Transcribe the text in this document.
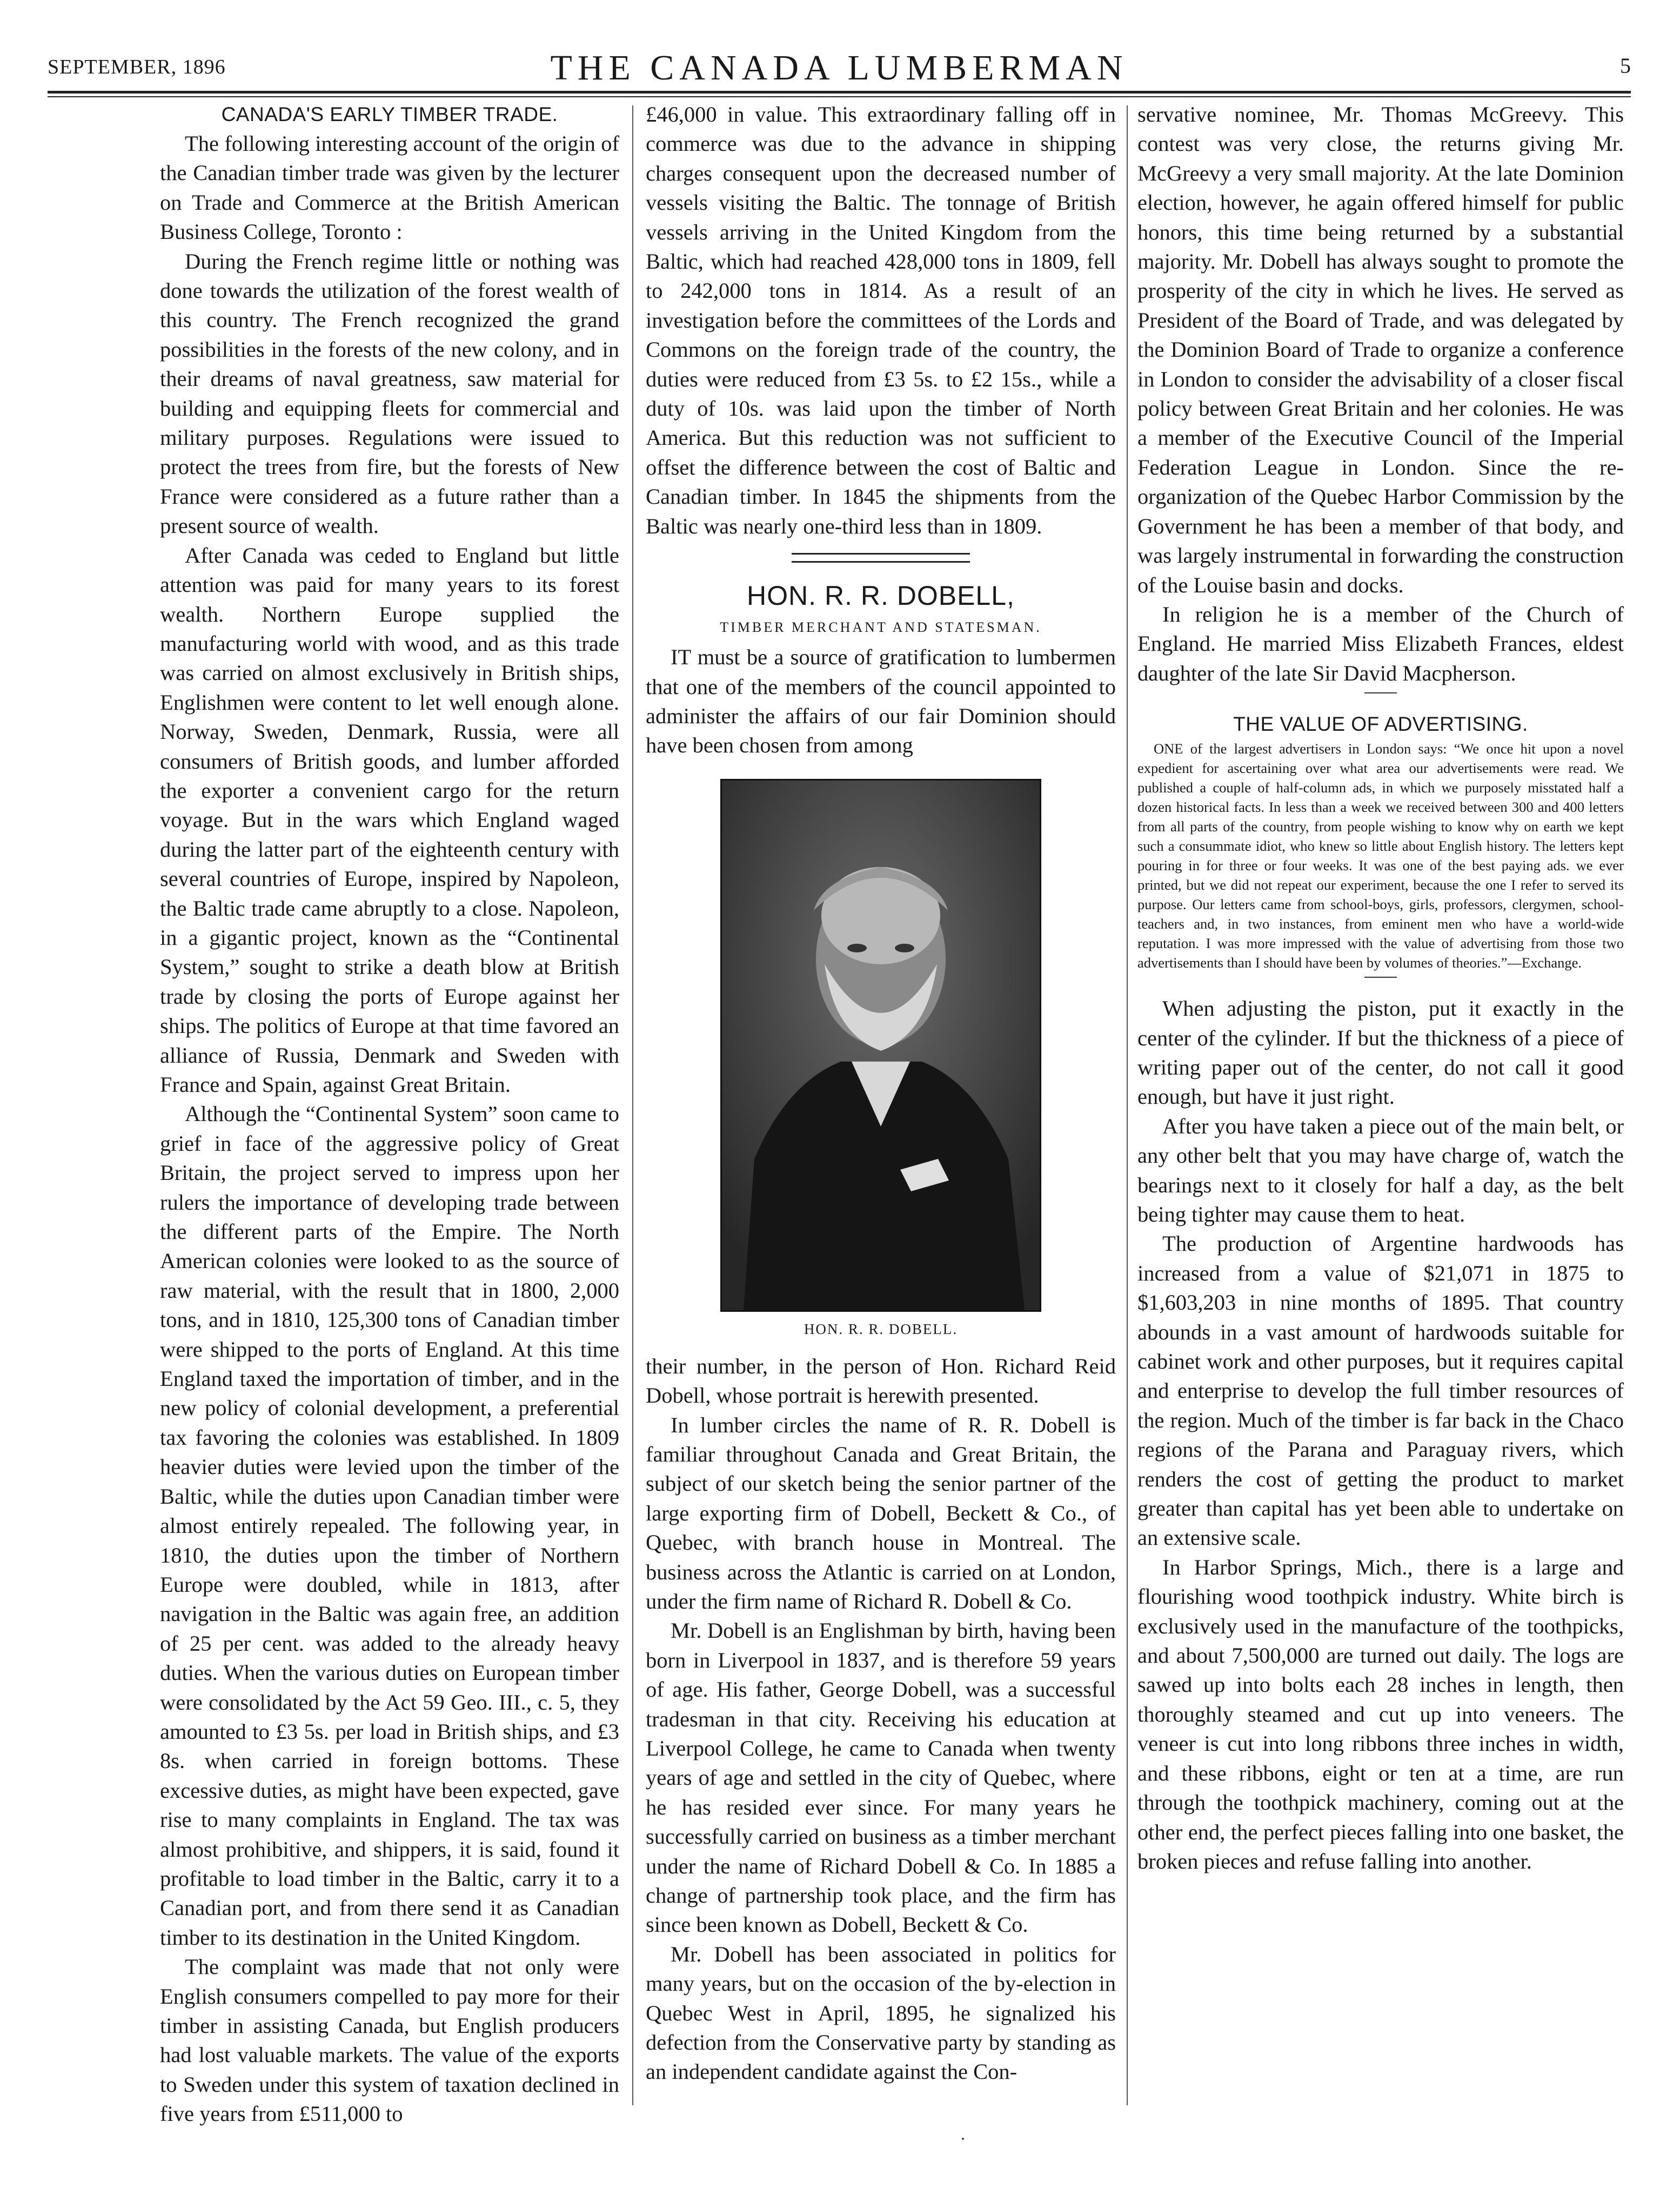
SEPTEMBER, 1896	THE CANADA LUMBERMAN	5
CANADA'S EARLY TIMBER TRADE.

The following interesting account of the origin of the Canadian timber trade was given by the lecturer on Trade and Commerce at the British American Business College, Toronto :

During the French regime little or nothing was done towards the utilization of the forest wealth of this country. The French recognized the grand possibilities in the forests of the new colony, and in their dreams of naval greatness, saw material for building and equipping fleets for commercial and military purposes. Regulations were issued to protect the trees from fire, but the forests of New France were considered as a future rather than a present source of wealth.

After Canada was ceded to England but little attention was paid for many years to its forest wealth. Northern Europe supplied the manufacturing world with wood, and as this trade was carried on almost exclusively in British ships, Englishmen were content to let well enough alone. Norway, Sweden, Denmark, Russia, were all consumers of British goods, and lumber afforded the exporter a convenient cargo for the return voyage. But in the wars which England waged during the latter part of the eighteenth century with several countries of Europe, inspired by Napoleon, the Baltic trade came abruptly to a close. Napoleon, in a gigantic project, known as the “Continental System,” sought to strike a death blow at British trade by closing the ports of Europe against her ships. The politics of Europe at that time favored an alliance of Russia, Denmark and Sweden with France and Spain, against Great Britain.

Although the “Continental System” soon came to grief in face of the aggressive policy of Great Britain, the project served to impress upon her rulers the importance of developing trade between the different parts of the Empire. The North American colonies were looked to as the source of raw material, with the result that in 1800, 2,000 tons, and in 1810, 125,300 tons of Canadian timber were shipped to the ports of England. At this time England taxed the importation of timber, and in the new policy of colonial development, a preferential tax favoring the colonies was established. In 1809 heavier duties were levied upon the timber of the Baltic, while the duties upon Canadian timber were almost entirely repealed. The following year, in 1810, the duties upon the timber of Northern Europe were doubled, while in 1813, after navigation in the Baltic was again free, an addition of 25 per cent. was added to the already heavy duties. When the various duties on European timber were consolidated by the Act 59 Geo. III., c. 5, they amounted to £3 5s. per load in British ships, and £3 8s. when carried in foreign bottoms. These excessive duties, as might have been expected, gave rise to many complaints in England. The tax was almost prohibitive, and shippers, it is said, found it profitable to load timber in the Baltic, carry it to a Canadian port, and from there send it as Canadian timber to its destination in the United Kingdom.

The complaint was made that not only were English consumers compelled to pay more for their timber in assisting Canada, but English producers had lost valuable markets. The value of the exports to Sweden under this system of taxation declined in five years from £511,000 to

£46,000 in value. This extraordinary falling off in commerce was due to the advance in shipping charges consequent upon the decreased number of vessels visiting the Baltic. The tonnage of British vessels arriving in the United Kingdom from the Baltic, which had reached 428,000 tons in 1809, fell to 242,000 tons in 1814. As a result of an investigation before the committees of the Lords and Commons on the foreign trade of the country, the duties were reduced from £3 5s. to £2 15s., while a duty of 10s. was laid upon the timber of North America. But this reduction was not sufficient to offset the difference between the cost of Baltic and Canadian timber. In 1845 the shipments from the Baltic was nearly one-third less than in 1809.

HON. R. R. DOBELL,
TIMBER MERCHANT AND STATESMAN.

IT must be a source of gratification to lumbermen that one of the members of the council appointed to administer the affairs of our fair Dominion should have been chosen from among

HON. R. R. DOBELL.

their number, in the person of Hon. Richard Reid Dobell, whose portrait is herewith presented.

In lumber circles the name of R. R. Dobell is familiar throughout Canada and Great Britain, the subject of our sketch being the senior partner of the large exporting firm of Dobell, Beckett & Co., of Quebec, with branch house in Montreal. The business across the Atlantic is carried on at London, under the firm name of Richard R. Dobell & Co.

Mr. Dobell is an Englishman by birth, having been born in Liverpool in 1837, and is therefore 59 years of age. His father, George Dobell, was a successful tradesman in that city. Receiving his education at Liverpool College, he came to Canada when twenty years of age and settled in the city of Quebec, where he has resided ever since. For many years he successfully carried on business as a timber merchant under the name of Richard Dobell & Co. In 1885 a change of partnership took place, and the firm has since been known as Dobell, Beckett & Co.

Mr. Dobell has been associated in politics for many years, but on the occasion of the by-election in Quebec West in April, 1895, he signalized his defection from the Conservative party by standing as an independent candidate against the Con-

servative nominee, Mr. Thomas McGreevy. This contest was very close, the returns giving Mr. McGreevy a very small majority. At the late Dominion election, however, he again offered himself for public honors, this time being returned by a substantial majority. Mr. Dobell has always sought to promote the prosperity of the city in which he lives. He served as President of the Board of Trade, and was delegated by the Dominion Board of Trade to organize a conference in London to consider the advisability of a closer fiscal policy between Great Britain and her colonies. He was a member of the Executive Council of the Imperial Federation League in London. Since the re-organization of the Quebec Harbor Commission by the Government he has been a member of that body, and was largely instrumental in forwarding the construction of the Louise basin and docks.

In religion he is a member of the Church of England. He married Miss Elizabeth Frances, eldest daughter of the late Sir David Macpherson.

THE VALUE OF ADVERTISING.

ONE of the largest advertisers in London says: “We once hit upon a novel expedient for ascertaining over what area our advertisements were read. We published a couple of half-column ads, in which we purposely misstated half a dozen historical facts. In less than a week we received between 300 and 400 letters from all parts of the country, from people wishing to know why on earth we kept such a consummate idiot, who knew so little about English history. The letters kept pouring in for three or four weeks. It was one of the best paying ads. we ever printed, but we did not repeat our experiment, because the one I refer to served its purpose. Our letters came from school-boys, girls, professors, clergymen, school-teachers and, in two instances, from eminent men who have a world-wide reputation. I was more impressed with the value of advertising from those two advertisements than I should have been by volumes of theories.”—Exchange.

When adjusting the piston, put it exactly in the center of the cylinder. If but the thickness of a piece of writing paper out of the center, do not call it good enough, but have it just right.

After you have taken a piece out of the main belt, or any other belt that you may have charge of, watch the bearings next to it closely for half a day, as the belt being tighter may cause them to heat.

The production of Argentine hardwoods has increased from a value of $21,071 in 1875 to $1,603,203 in nine months of 1895. That country abounds in a vast amount of hardwoods suitable for cabinet work and other purposes, but it requires capital and enterprise to develop the full timber resources of the region. Much of the timber is far back in the Chaco regions of the Parana and Paraguay rivers, which renders the cost of getting the product to market greater than capital has yet been able to undertake on an extensive scale.

In Harbor Springs, Mich., there is a large and flourishing wood toothpick industry. White birch is exclusively used in the manufacture of the toothpicks, and about 7,500,000 are turned out daily. The logs are sawed up into bolts each 28 inches in length, then thoroughly steamed and cut up into veneers. The veneer is cut into long ribbons three inches in width, and these ribbons, eight or ten at a time, are run through the toothpick machinery, coming out at the other end, the perfect pieces falling into one basket, the broken pieces and refuse falling into another.
